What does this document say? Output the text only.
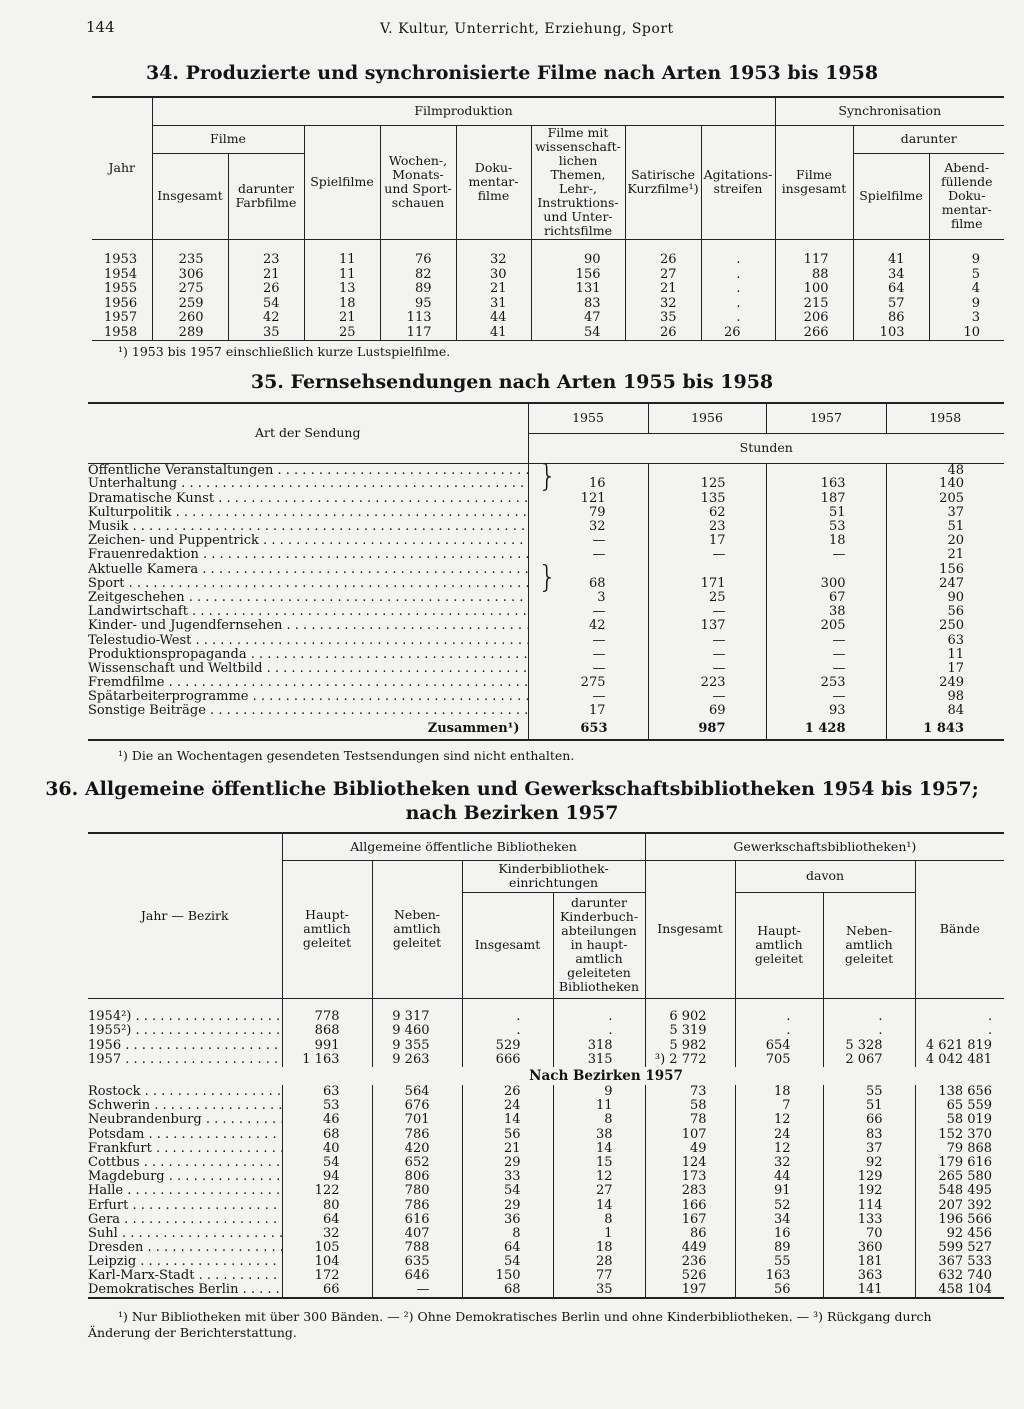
144	V. Kultur, Unterricht, Erziehung, Sport
34. Produzierte und synchronisierte Filme nach Arten 1953 bis 1958
Jahr	Filmproduktion								Synchronisation		
	Filme		Spielfilme	Wochen-, Monats- und Sport- schauen	Doku- mentar- filme	Filme mit wissenschaft- lichen Themen, Lehr-, Instruktions- und Unter- richtsfilme	Satirische Kurzfilme¹)	Agitations- streifen	Filme insgesamt	darunter	
	Insgesamt	darunter Farbfilme								Spielfilme	Abend- füllende Doku- mentar- filme

1953	235	23	11	76	32	90	26	.	117	41	9
1954	306	21	11	82	30	156	27	.	88	34	5
1955	275	26	13	89	21	131	21	.	100	64	4
1956	259	54	18	95	31	83	32	.	215	57	9
1957	260	42	21	113	44	47	35	.	206	86	3
1958	289	35	25	117	41	54	26	26	266	103	10
¹) 1953 bis 1957 einschließlich kurze Lustspielfilme.
35. Fernsehsendungen nach Arten 1955 bis 1958
Art der Sendung	1955	1956	1957	1958
	Stunden			
Öffentliche Veranstaltungen . . .				48
Unterhaltung . . .	16	125	163	140
Dramatische Kunst . . .	121	135	187	205
Kulturpolitik . . .	79	62	51	37
Musik . . .	32	23	53	51
Zeichen- und Puppentrick . . .	—	17	18	20
Frauenredaktion . . .	—	—	—	21
Aktuelle Kamera . . .				156
Sport . . .	68	171	300	247
Zeitgeschehen . . .	3	25	67	90
Landwirtschaft . . .	—	—	38	56
Kinder- und Jugendfernsehen . . .	42	137	205	250
Telestudio-West . . .	—	—	—	63
Produktionspropaganda . . .	—	—	—	11
Wissenschaft und Weltbild . . .	—	—	—	17
Fremdfilme . . .	275	223	253	249
Spätarbeiterprogramme . . .	—	—	—	98
Sonstige Beiträge . . .	17	69	93	84
Zusammen¹)	653	987	1 428	1 843
}
}
¹) Die an Wochentagen gesendeten Testsendungen sind nicht enthalten.
36. Allgemeine öffentliche Bibliotheken und Gewerkschaftsbibliotheken 1954 bis 1957;
nach Bezirken 1957
Jahr — Bezirk	Allgemeine öffentliche Bibliotheken				Gewerkschaftsbibliotheken¹)			
	Haupt- amtlich geleitet	Neben- amtlich geleitet	Kinderbibliothek- einrichtungen		Insgesamt	davon		Bände
			Insgesamt	darunter Kinderbuch- abteilungen in haupt- amtlich geleiteten Bibliotheken		Haupt- amtlich geleitet	Neben- amtlich geleitet	

1954²) . . .	778	9 317	.	.	6 902	.	.	.
1955²) . . .	868	9 460	.	.	5 319	.	.	.
1956 . . .	991	9 355	529	318	5 982	654	5 328	4 621 819
1957 . . .	1 163	9 263	666	315	³) 2 772	705	2 067	4 042 481
Nach Bezirken 1957								
Rostock . . .	63	564	26	9	73	18	55	138 656
Schwerin . . .	53	676	24	11	58	7	51	65 559
Neubrandenburg . . .	46	701	14	8	78	12	66	58 019
Potsdam . . .	68	786	56	38	107	24	83	152 370
Frankfurt . . .	40	420	21	14	49	12	37	79 868
Cottbus . . .	54	652	29	15	124	32	92	179 616
Magdeburg . . .	94	806	33	12	173	44	129	265 580
Halle . . .	122	780	54	27	283	91	192	548 495
Erfurt . . .	80	786	29	14	166	52	114	207 392
Gera . . .	64	616	36	8	167	34	133	196 566
Suhl . . .	32	407	8	1	86	16	70	92 456
Dresden . . .	105	788	64	18	449	89	360	599 527
Leipzig . . .	104	635	54	28	236	55	181	367 533
Karl-Marx-Stadt . . .	172	646	150	77	526	163	363	632 740
Demokratisches Berlin . . .	66	—	68	35	197	56	141	458 104
¹) Nur Bibliotheken mit über 300 Bänden. — ²) Ohne Demokratisches Berlin und ohne Kinderbibliotheken. — ³) Rückgang durch
Änderung der Berichterstattung.
